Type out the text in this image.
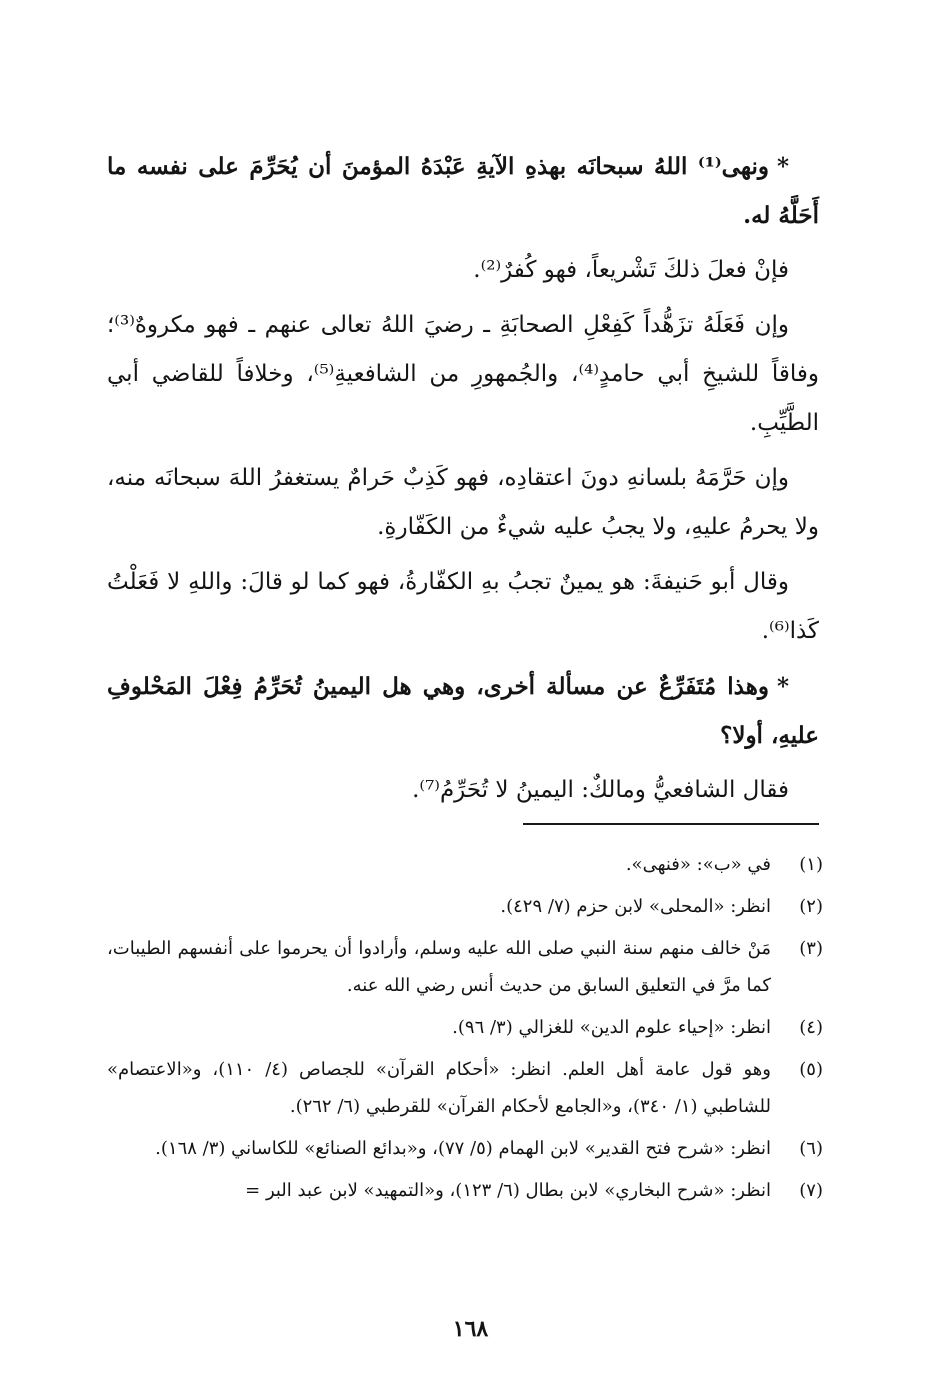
*ونهى⁽¹⁾ اللهُ سبحانَه بهذهِ الآيةِ عَبْدَهُ المؤمنَ أن يُحَرِّمَ على نفسه ما أَحَلَّهُ له.

فإنْ فعلَ ذلكَ تَشْريعاً، فهو كُفرٌ⁽²⁾.

وإن فَعَلَهُ تزَهُّداً كَفِعْلِ الصحابَةِ ـ رضيَ اللهُ تعالى عنهم ـ فهو مكروهٌ⁽³⁾؛ وفاقاً للشيخِ أبي حامدٍ⁽⁴⁾، والجُمهورِ من الشافعيةِ⁽⁵⁾، وخلافاً للقاضي أبي الطَّيِّبِ.

وإن حَرَّمَهُ بلسانهِ دونَ اعتقادِه، فهو كَذِبٌ حَرامٌ يستغفرُ اللهَ سبحانَه منه، ولا يحرمُ عليهِ، ولا يجبُ عليه شيءٌ من الكَفّارةِ.

وقال أبو حَنيفةَ: هو يمينٌ تجبُ بهِ الكفّارةُ، فهو كما لو قالَ: واللهِ لا فَعَلْتُ كَذا⁽⁶⁾.

*وهذا مُتَفَرِّعٌ عن مسألة أخرى، وهي هل اليمينُ تُحَرِّمُ فِعْلَ المَحْلوفِ عليهِ، أولا؟

فقال الشافعيُّ ومالكٌ: اليمينُ لا تُحَرِّمُ⁽⁷⁾.

(١)
في «ب»: «فنهى».
(٢)
انظر: «المحلى» لابن حزم (٧/ ٤٢٩).
(٣)
مَنْ خالف منهم سنة النبي صلى الله عليه وسلم، وأرادوا أن يحرموا على أنفسهم الطيبات، كما مرَّ في التعليق السابق من حديث أنس رضي الله عنه.
(٤)
انظر: «إحياء علوم الدين» للغزالي (٣/ ٩٦).
(٥)
وهو قول عامة أهل العلم. انظر: «أحكام القرآن» للجصاص (٤/ ١١٠)، و«الاعتصام» للشاطبي (١/ ٣٤٠)، و«الجامع لأحكام القرآن» للقرطبي (٦/ ٢٦٢).
(٦)
انظر: «شرح فتح القدير» لابن الهمام (٥/ ٧٧)، و«بدائع الصنائع» للكاساني (٣/ ١٦٨).
(٧)
انظر: «شرح البخاري» لابن بطال (٦/ ١٢٣)، و«التمهيد» لابن عبد البر =
١٦٨
